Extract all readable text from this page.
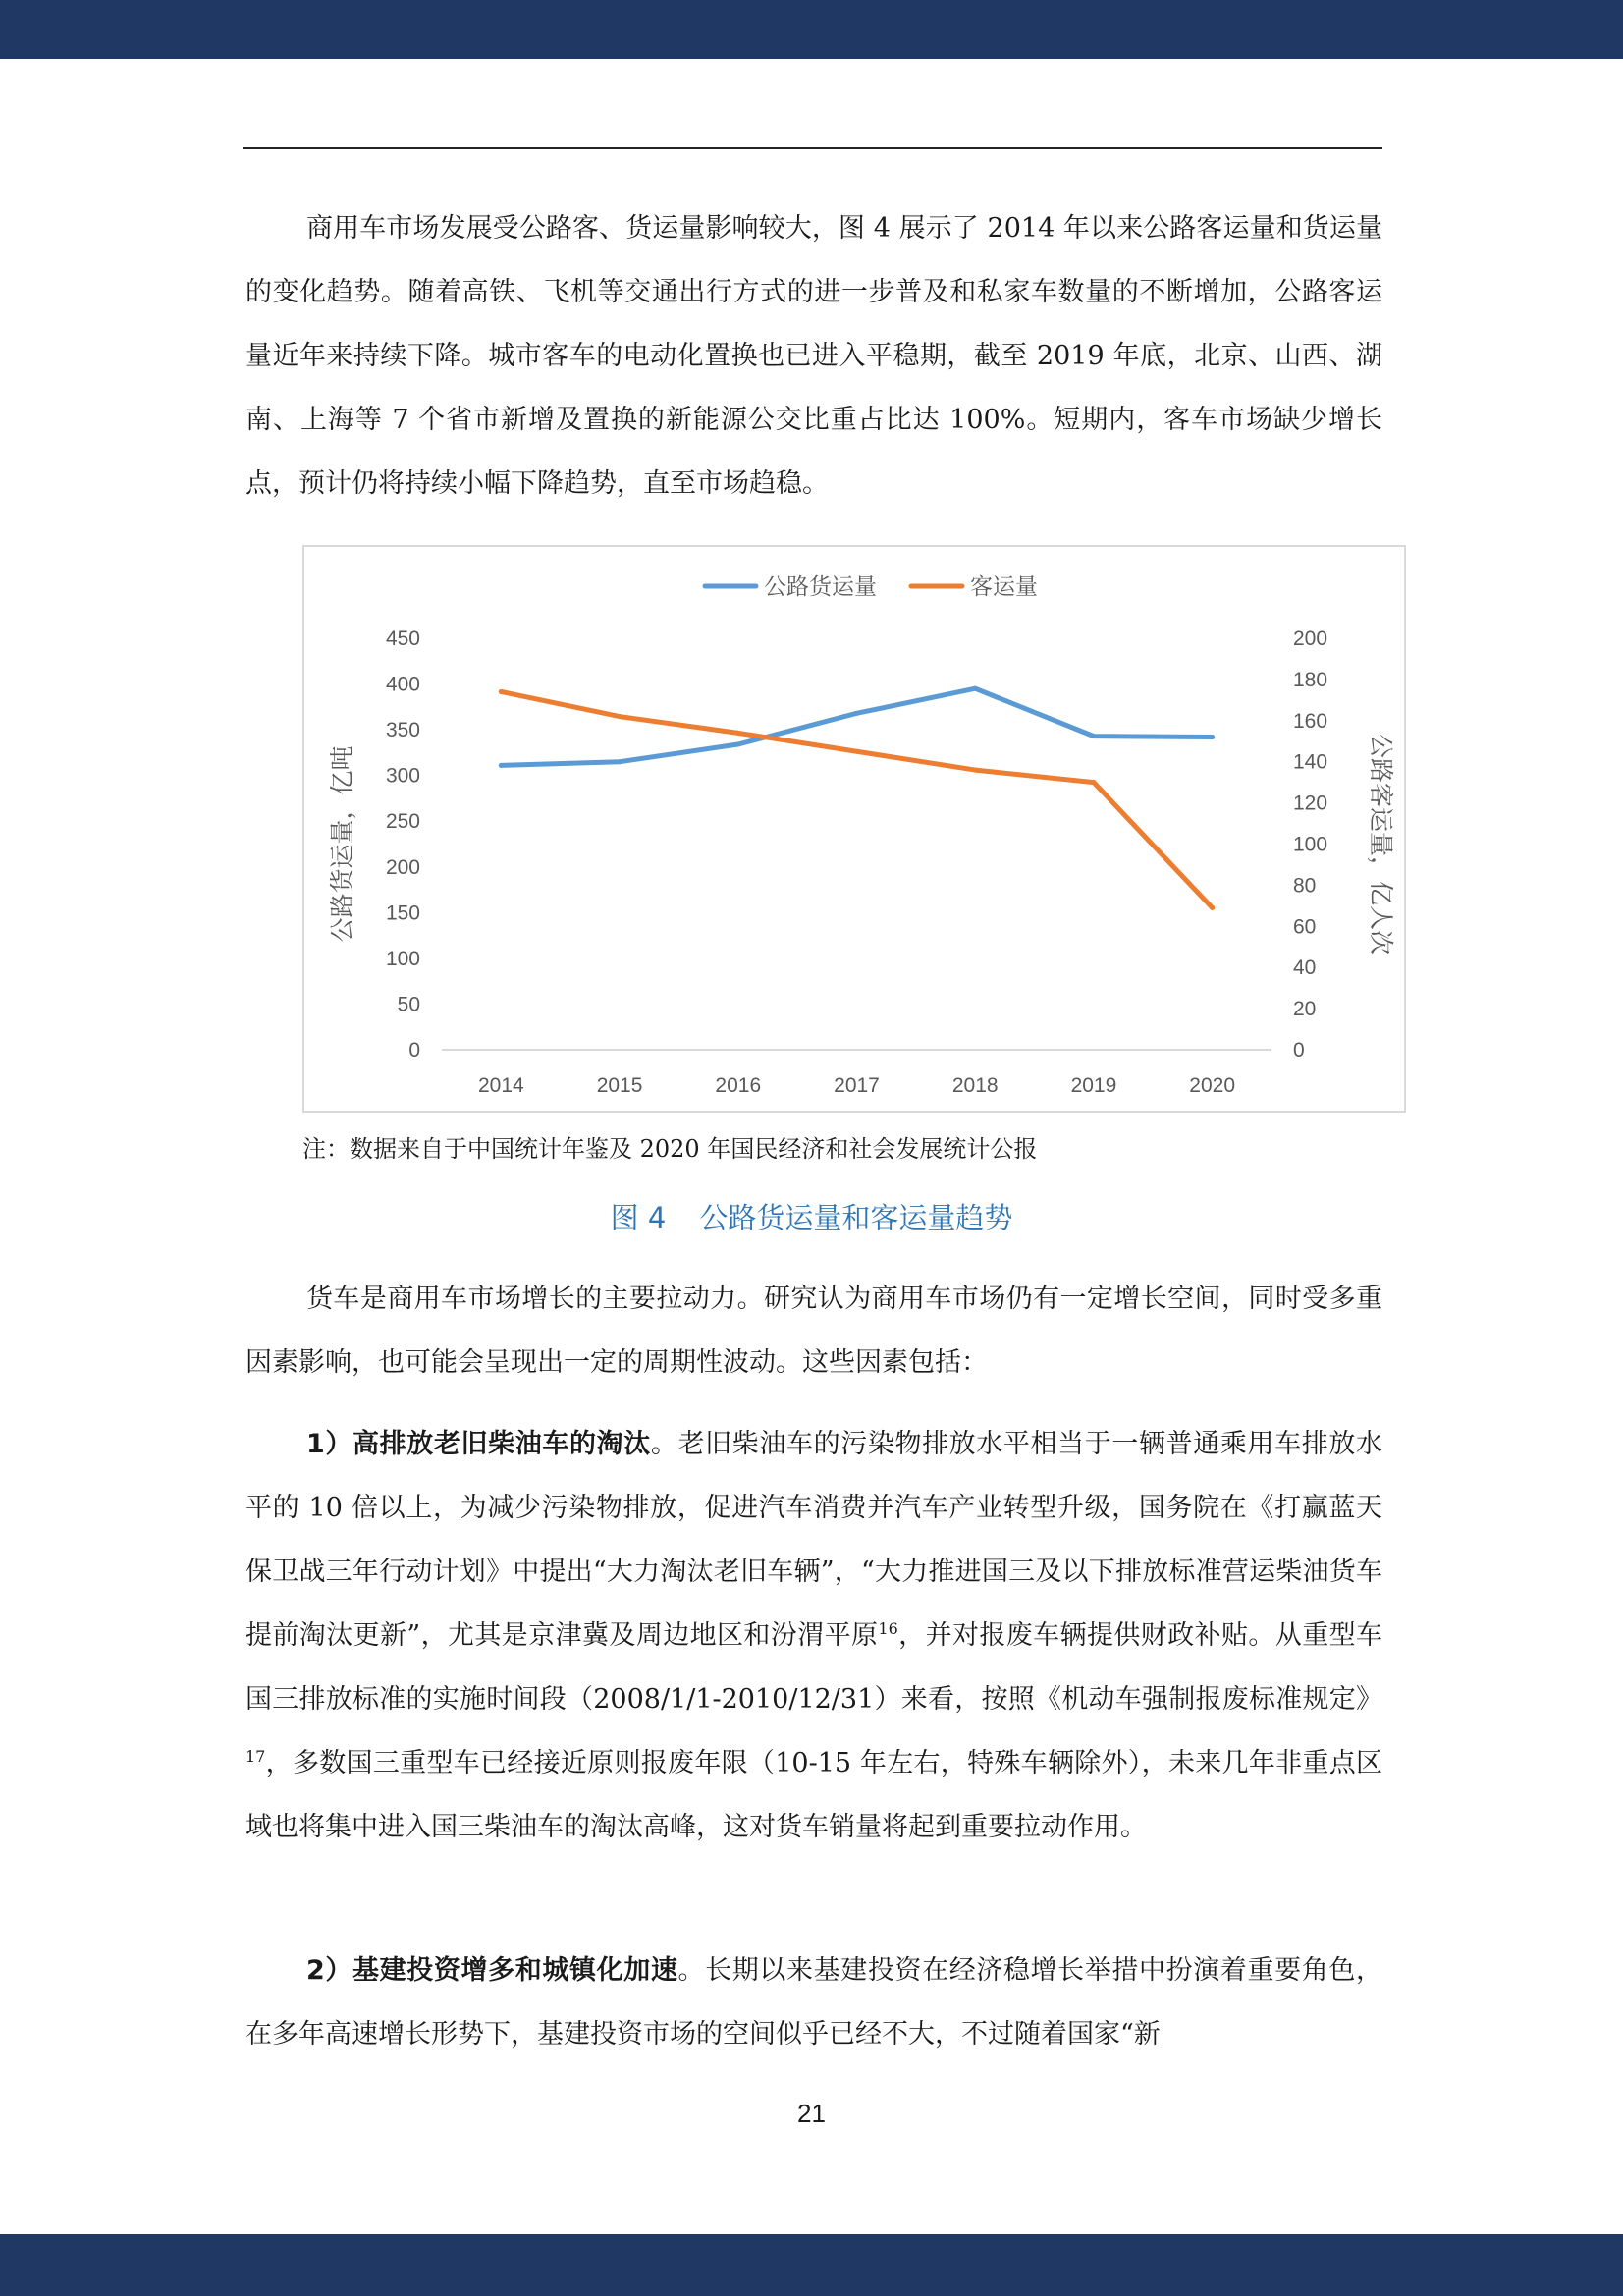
商用车市场发展受公路客、货运量影响较大，图 4 展示了 2014 年以来公路客运量和货运量的变化趋势。随着高铁、飞机等交通出行方式的进一步普及和私家车数量的不断增加，公路客运量近年来持续下降。城市客车的电动化置换也已进入平稳期，截至 2019 年底，北京、山西、湖南、上海等 7 个省市新增及置换的新能源公交比重占比达 100%。短期内，客车市场缺少增长点，预计仍将持续小幅下降趋势，直至市场趋稳。

0
50
100
150
200
250
300
350
400
450
0
20
40
60
80
100
120
140
160
180
200
2014	2015	2016	2017	2018	2019	2020
公路货运量，亿吨	公路客运量，亿人次
公路货运量	客运量
注：数据来自于中国统计年鉴及 2020 年国民经济和社会发展统计公报
图 4 公路货运量和客运量趋势

货车是商用车市场增长的主要拉动力。研究认为商用车市场仍有一定增长空间，同时受多重因素影响，也可能会呈现出一定的周期性波动。这些因素包括：

1）高排放老旧柴油车的淘汰。老旧柴油车的污染物排放水平相当于一辆普通乘用车排放水平的 10 倍以上，为减少污染物排放，促进汽车消费并汽车产业转型升级，国务院在《打赢蓝天保卫战三年行动计划》中提出“大力淘汰老旧车辆”，“大力推进国三及以下排放标准营运柴油货车提前淘汰更新”，尤其是京津冀及周边地区和汾渭平原$^{16}$，并对报废车辆提供财政补贴。从重型车国三排放标准的实施时间段（2008/1/1-2010/12/31）来看，按照《机动车强制报废标准规定》$^{17}$，多数国三重型车已经接近原则报废年限（10-15 年左右，特殊车辆除外），未来几年非重点区域也将集中进入国三柴油车的淘汰高峰，这对货车销量将起到重要拉动作用。

2）基建投资增多和城镇化加速。长期以来基建投资在经济稳增长举措中扮演着重要角色，在多年高速增长形势下，基建投资市场的空间似乎已经不大，不过随着国家“新

21
